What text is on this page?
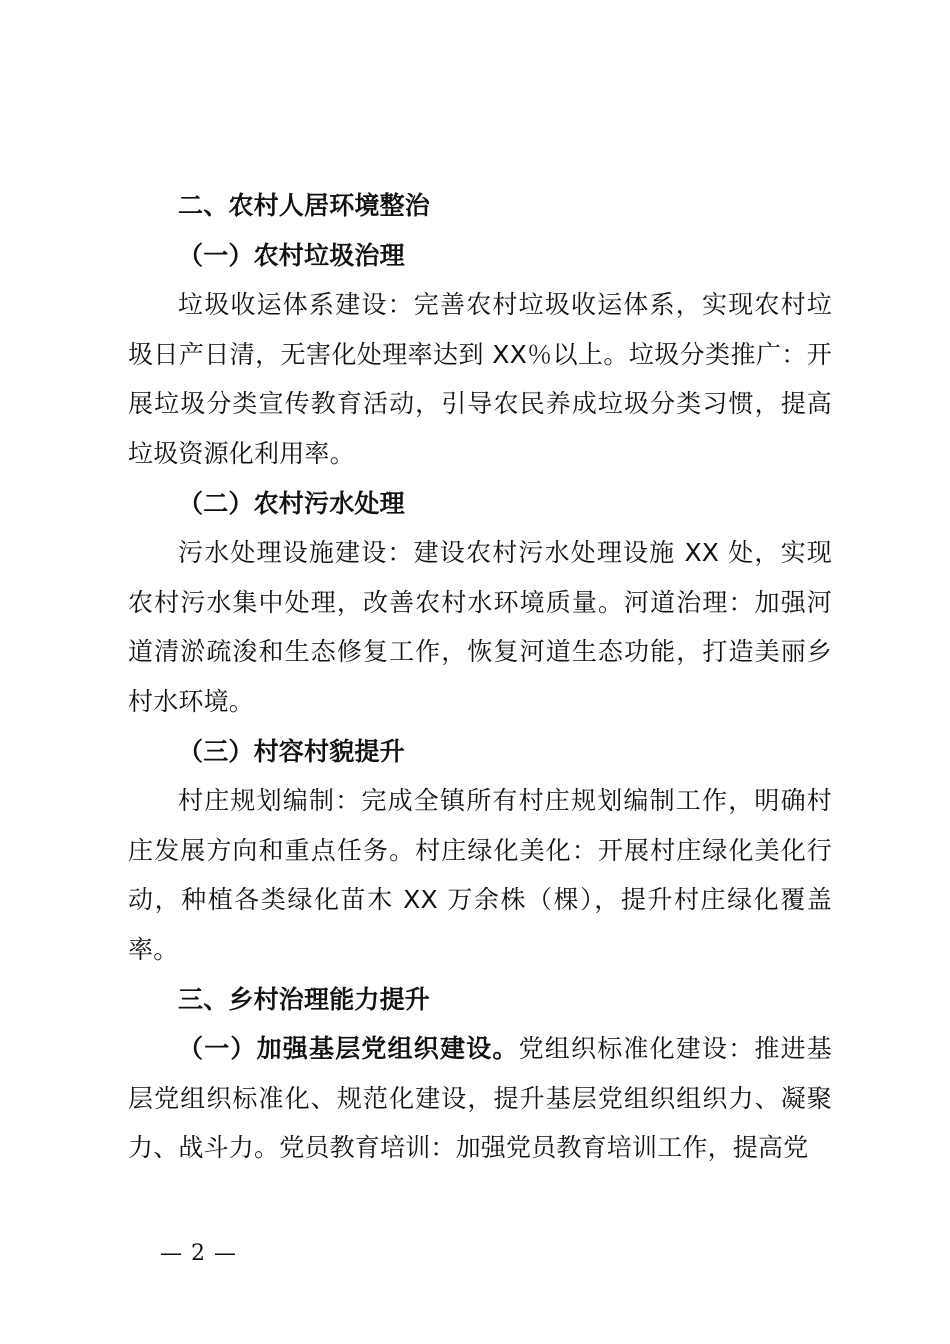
二、农村人居环境整治

（一）农村垃圾治理

垃圾收运体系建设：完善农村垃圾收运体系，实现农村垃圾日产日清，无害化处理率达到 XX％以上。垃圾分类推广：开展垃圾分类宣传教育活动，引导农民养成垃圾分类习惯，提高垃圾资源化利用率。

（二）农村污水处理

污水处理设施建设：建设农村污水处理设施 XX 处，实现农村污水集中处理，改善农村水环境质量。河道治理：加强河道清淤疏浚和生态修复工作，恢复河道生态功能，打造美丽乡村水环境。

（三）村容村貌提升

村庄规划编制：完成全镇所有村庄规划编制工作，明确村庄发展方向和重点任务。村庄绿化美化：开展村庄绿化美化行动，种植各类绿化苗木 XX 万余株（棵），提升村庄绿化覆盖率。

三、乡村治理能力提升

（一）加强基层党组织建设。党组织标准化建设：推进基层党组织标准化、规范化建设，提升基层党组织组织力、凝聚力、战斗力。党员教育培训：加强党员教育培训工作，提高党

— 2 —
